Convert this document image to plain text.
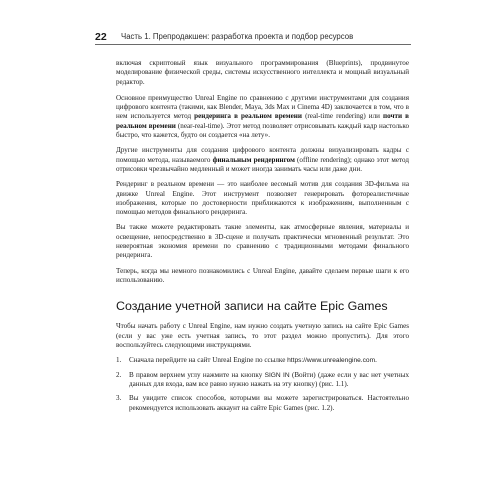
22 Часть 1. Препродакшен: разработка проекта и подбор ресурсов

включая скриптовый язык визуального программирования (Blueprints), продвинутое моделирование физической среды, системы искусственного интеллекта и мощный визуальный редактор.

Основное преимущество Unreal Engine по сравнению с другими инструментами для создания цифрового контента (такими, как Blender, Maya, 3ds Max и Cinema 4D) заключается в том, что в нем используется метод рендеринга в реальном времени (real-time rendering) или почти в реальном времени (near-real-time). Этот метод позволяет отрисовывать каждый кадр настолько быстро, что кажется, будто он создается «на лету».

Другие инструменты для создания цифрового контента должны визуализировать кадры с помощью метода, называемого финальным рендерингом (offline rendering); однако этот метод отрисовки чрезвычайно медленный и может иногда занимать часы или даже дни.

Рендеринг в реальном времени — это наиболее весомый мотив для создания 3D-фильма на движке Unreal Engine. Этот инструмент позволяет генерировать фотореалистичные изображения, которые по достоверности приближаются к изображениям, выполненным с помощью методов финального рендеринга.

Вы также можете редактировать такие элементы, как атмосферные явления, материалы и освещение, непосредственно в 3D-сцене и получать практически мгновенный результат. Это невероятная экономия времени по сравнению с традиционными методами финального рендеринга.

Теперь, когда мы немного познакомились с Unreal Engine, давайте сделаем первые шаги к его использованию.

Создание учетной записи на сайте Epic Games

Чтобы начать работу с Unreal Engine, нам нужно создать учетную запись на сайте Epic Games (если у вас уже есть учетная запись, то этот раздел можно пропустить). Для этого воспользуйтесь следующими инструкциями.

1. Сначала перейдите на сайт Unreal Engine по ссылке https://www.unrealengine.com.
2. В правом верхнем углу нажмите на кнопку SIGN IN (Войти) (даже если у вас нет учетных данных для входа, вам все равно нужно нажать на эту кнопку) (рис. 1.1).
3. Вы увидите список способов, которыми вы можете зарегистрироваться. Настоятельно рекомендуется использовать аккаунт на сайте Epic Games (рис. 1.2).
